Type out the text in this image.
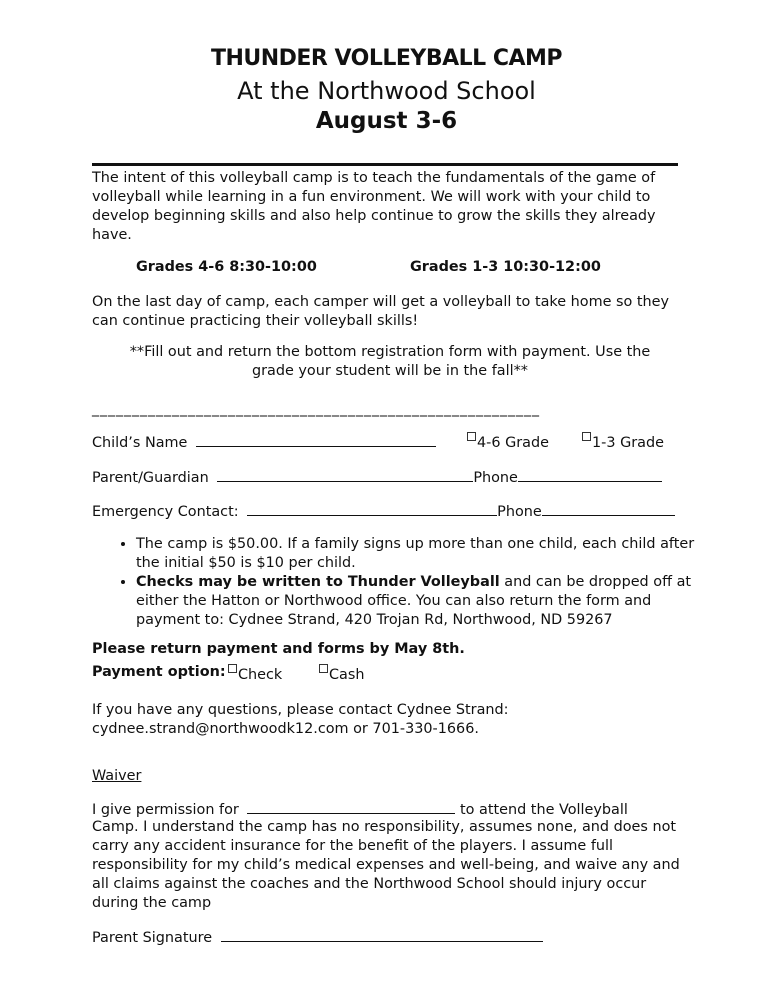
THUNDER VOLLEYBALL CAMP
At the Northwood School
August 3-6
The intent of this volleyball camp is to teach the fundamentals of the game of volleyball while learning in a fun environment. We will work with your child to develop beginning skills and also help continue to grow the skills they already have.
Grades 4-6 8:30-10:00	Grades 1-3 10:30-12:00
On the last day of camp, each camper will get a volleyball to take home so they can continue practicing their volleyball skills!
**Fill out and return the bottom registration form with payment. Use the grade your student will be in the fall**
________________________________________________________
Child’s Name	4-6 Grade	1-3 Grade
Parent/Guardian	Phone
Emergency Contact:	Phone
• The camp is $50.00. If a family signs up more than one child, each child after the initial $50 is $10 per child.
• Checks may be written to Thunder Volleyball and can be dropped off at either the Hatton or Northwood office. You can also return the form and payment to: Cydnee Strand, 420 Trojan Rd, Northwood, ND 59267
Please return payment and forms by May 8th.
Payment option: Check	Cash
If you have any questions, please contact Cydnee Strand:
cydnee.strand@northwoodk12.com or 701-330-1666.
Waiver
I give permission for	to attend the Volleyball
Camp. I understand the camp has no responsibility, assumes none, and does not carry any accident insurance for the benefit of the players. I assume full responsibility for my child’s medical expenses and well-being, and waive any and all claims against the coaches and the Northwood School should injury occur during the camp
Parent Signature
